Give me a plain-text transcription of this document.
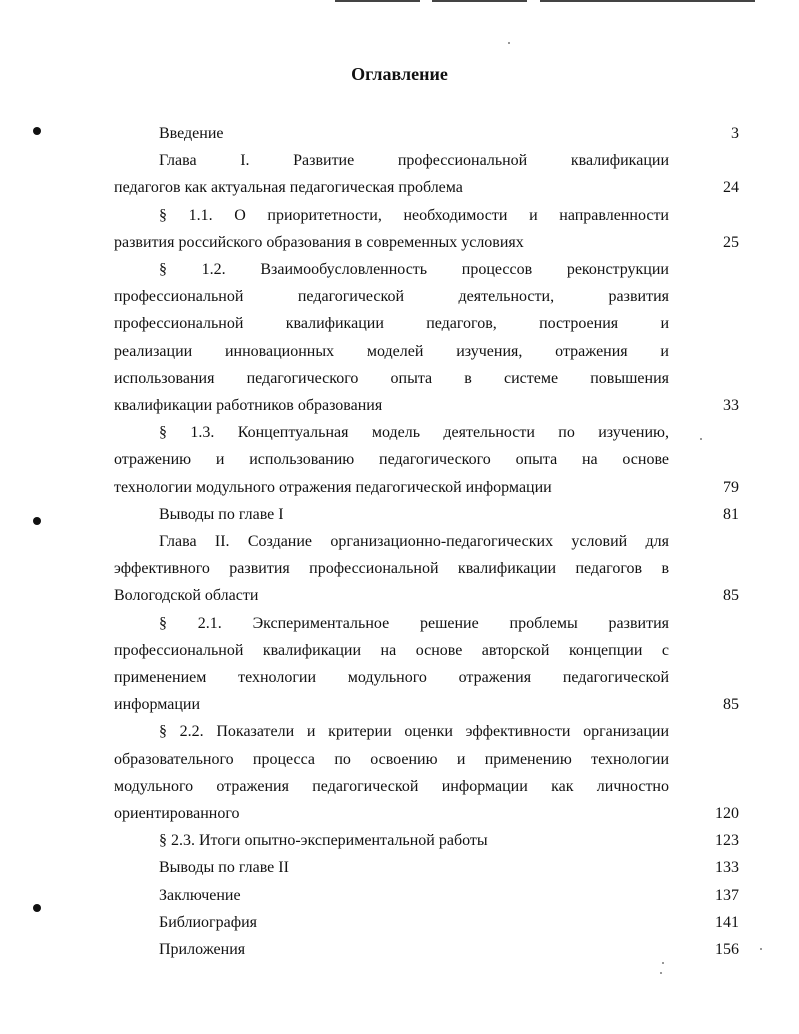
Оглавление
Введение	3
Глава I. Развитие профессиональной квалификации
педагогов как актуальная педагогическая проблема	24
§ 1.1. О приоритетности, необходимости и направленности
развития российского образования в современных условиях	25
§ 1.2. Взаимообусловленность процессов реконструкции
профессиональной педагогической деятельности, развития
профессиональной квалификации педагогов, построения и
реализации инновационных моделей изучения, отражения и
использования педагогического опыта в системе повышения
квалификации работников образования	33
§ 1.3. Концептуальная модель деятельности по изучению,
отражению и использованию педагогического опыта на основе
технологии модульного отражения педагогической информации	79
Выводы по главе I	81
Глава II. Создание организационно-педагогических условий для
эффективного развития профессиональной квалификации педагогов в
Вологодской области	85
§ 2.1. Экспериментальное решение проблемы развития
профессиональной квалификации на основе авторской концепции с
применением технологии модульного отражения педагогической
информации	85
§ 2.2. Показатели и критерии оценки эффективности организации
образовательного процесса по освоению и применению технологии
модульного отражения педагогической информации как личностно
ориентированного	120
§ 2.3. Итоги опытно-экспериментальной работы	123
Выводы по главе II	133
Заключение	137
Библиография	141
Приложения	156
